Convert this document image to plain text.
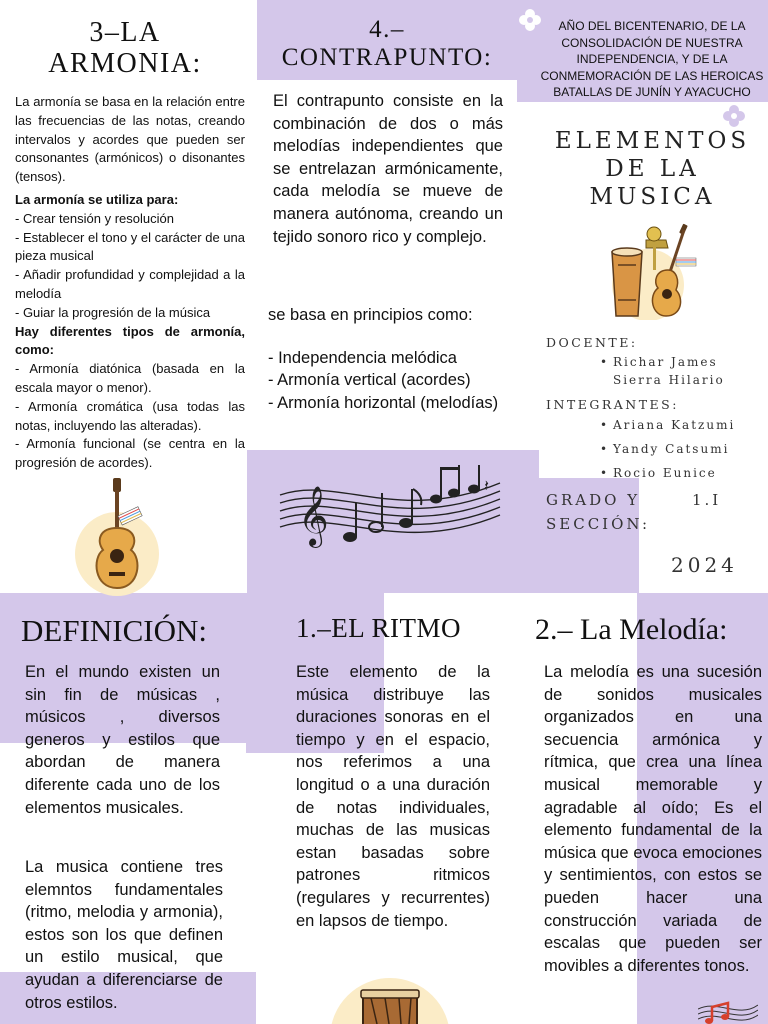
3–LA
ARMONIA:
La armonía se basa en la relación entre las frecuencias de las notas, creando intervalos y acordes que pueden ser consonantes (armónicos) o disonantes (tensos).
La armonía se utiliza para:
- Crear tensión y resolución
- Establecer el tono y el carácter de una pieza musical
- Añadir profundidad y complejidad a la melodía
- Guiar la progresión de la música
Hay diferentes tipos de armonía, como:
- Armonía diatónica (basada en la escala mayor o menor).
- Armonía cromática (usa todas las notas, incluyendo las alteradas).
- Armonía funcional (se centra en la progresión de acordes).
4.–
CONTRAPUNTO:
El contrapunto consiste en la combinación de dos o más melodías independientes que se entrelazan armónicamente, cada melodía se mueve de manera autónoma, creando un tejido sonoro rico y complejo.
se basa en principios como:
- Independencia melódica
- Armonía vertical (acordes)
- Armonía horizontal (melodías)
𝄞
𝄽
AÑO DEL BICENTENARIO, DE LA CONSOLIDACIÓN DE NUESTRA INDEPENDENCIA, Y DE LA CONMEMORACIÓN DE LAS HEROICAS BATALLAS DE JUNÍN Y AYACUCHO
ELEMENTOS
DE LA
MUSICA
DOCENTE:
• Richar James
Sierra Hilario
INTEGRANTES:
• Ariana Katzumi
• Yandy Catsumi
• Rocio Eunice
GRADO Y	1.I
SECCIÓN:
2024
DEFINICIÓN:
En el mundo existen un sin fin de músicas , músicos , diversos generos y estilos que abordan de manera diferente cada uno de los elementos musicales.
La musica contiene tres elemntos fundamentales (ritmo, melodia y armonia), estos son los que definen un estilo musical, que ayudan a diferenciarse de otros estilos.
1.–EL RITMO
Este elemento de la música distribuye las duraciones sonoras en el tiempo y en el espacio, nos referimos a una longitud o a una duración de notas individuales, muchas de las musicas estan basadas sobre patrones ritmicos (regulares y recurrentes) en lapsos de tiempo.
2.– La Melodía:
La melodía es una sucesión de sonidos musicales organizados en una secuencia armónica y rítmica, que crea una línea musical memorable y agradable al oído; Es el elemento fundamental de la música que evoca emociones y sentimientos, con estos se pueden hacer una construcción variada de escalas que pueden ser movibles a diferentes tonos.
